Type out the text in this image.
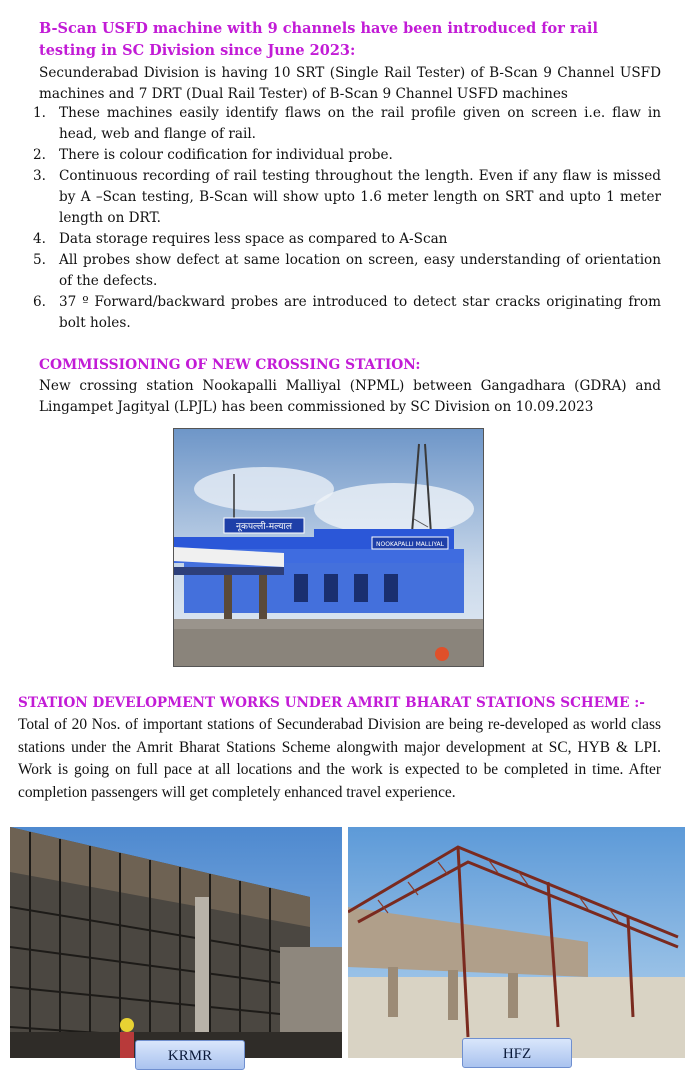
B-Scan USFD machine with 9 channels have been introduced for rail testing in SC Division since June 2023:
Secunderabad Division is having 10 SRT (Single Rail Tester) of B-Scan 9 Channel USFD machines and 7 DRT (Dual Rail Tester) of B-Scan 9 Channel USFD machines
1. These machines easily identify flaws on the rail profile given on screen i.e. flaw in head, web and flange of rail.
2. There is colour codification for individual probe.
3. Continuous recording of rail testing throughout the length. Even if any flaw is missed by A –Scan testing, B-Scan will show upto 1.6 meter length on SRT and upto 1 meter length on DRT.
4. Data storage requires less space as compared to A-Scan
5. All probes show defect at same location on screen, easy understanding of orientation of the defects.
6. 37 º Forward/backward probes are introduced to detect star cracks originating from bolt holes.
COMMISSIONING OF NEW CROSSING STATION:
New crossing station Nookapalli Malliyal (NPML) between Gangadhara (GDRA) and Lingampet Jagityal (LPJL) has been commissioned by SC Division on 10.09.2023
नूकपल्ली-मल्याल
NOOKAPALLI MALLIYAL
STATION DEVELOPMENT WORKS UNDER AMRIT BHARAT STATIONS SCHEME :-
Total of 20 Nos. of important stations of Secunderabad Division are being re-developed as world class stations under the Amrit Bharat Stations Scheme alongwith major development at SC, HYB & LPI. Work is going on full pace at all locations and the work is expected to be completed in time. After completion passengers will get completely enhanced travel experience.
KRMR	HFZ
